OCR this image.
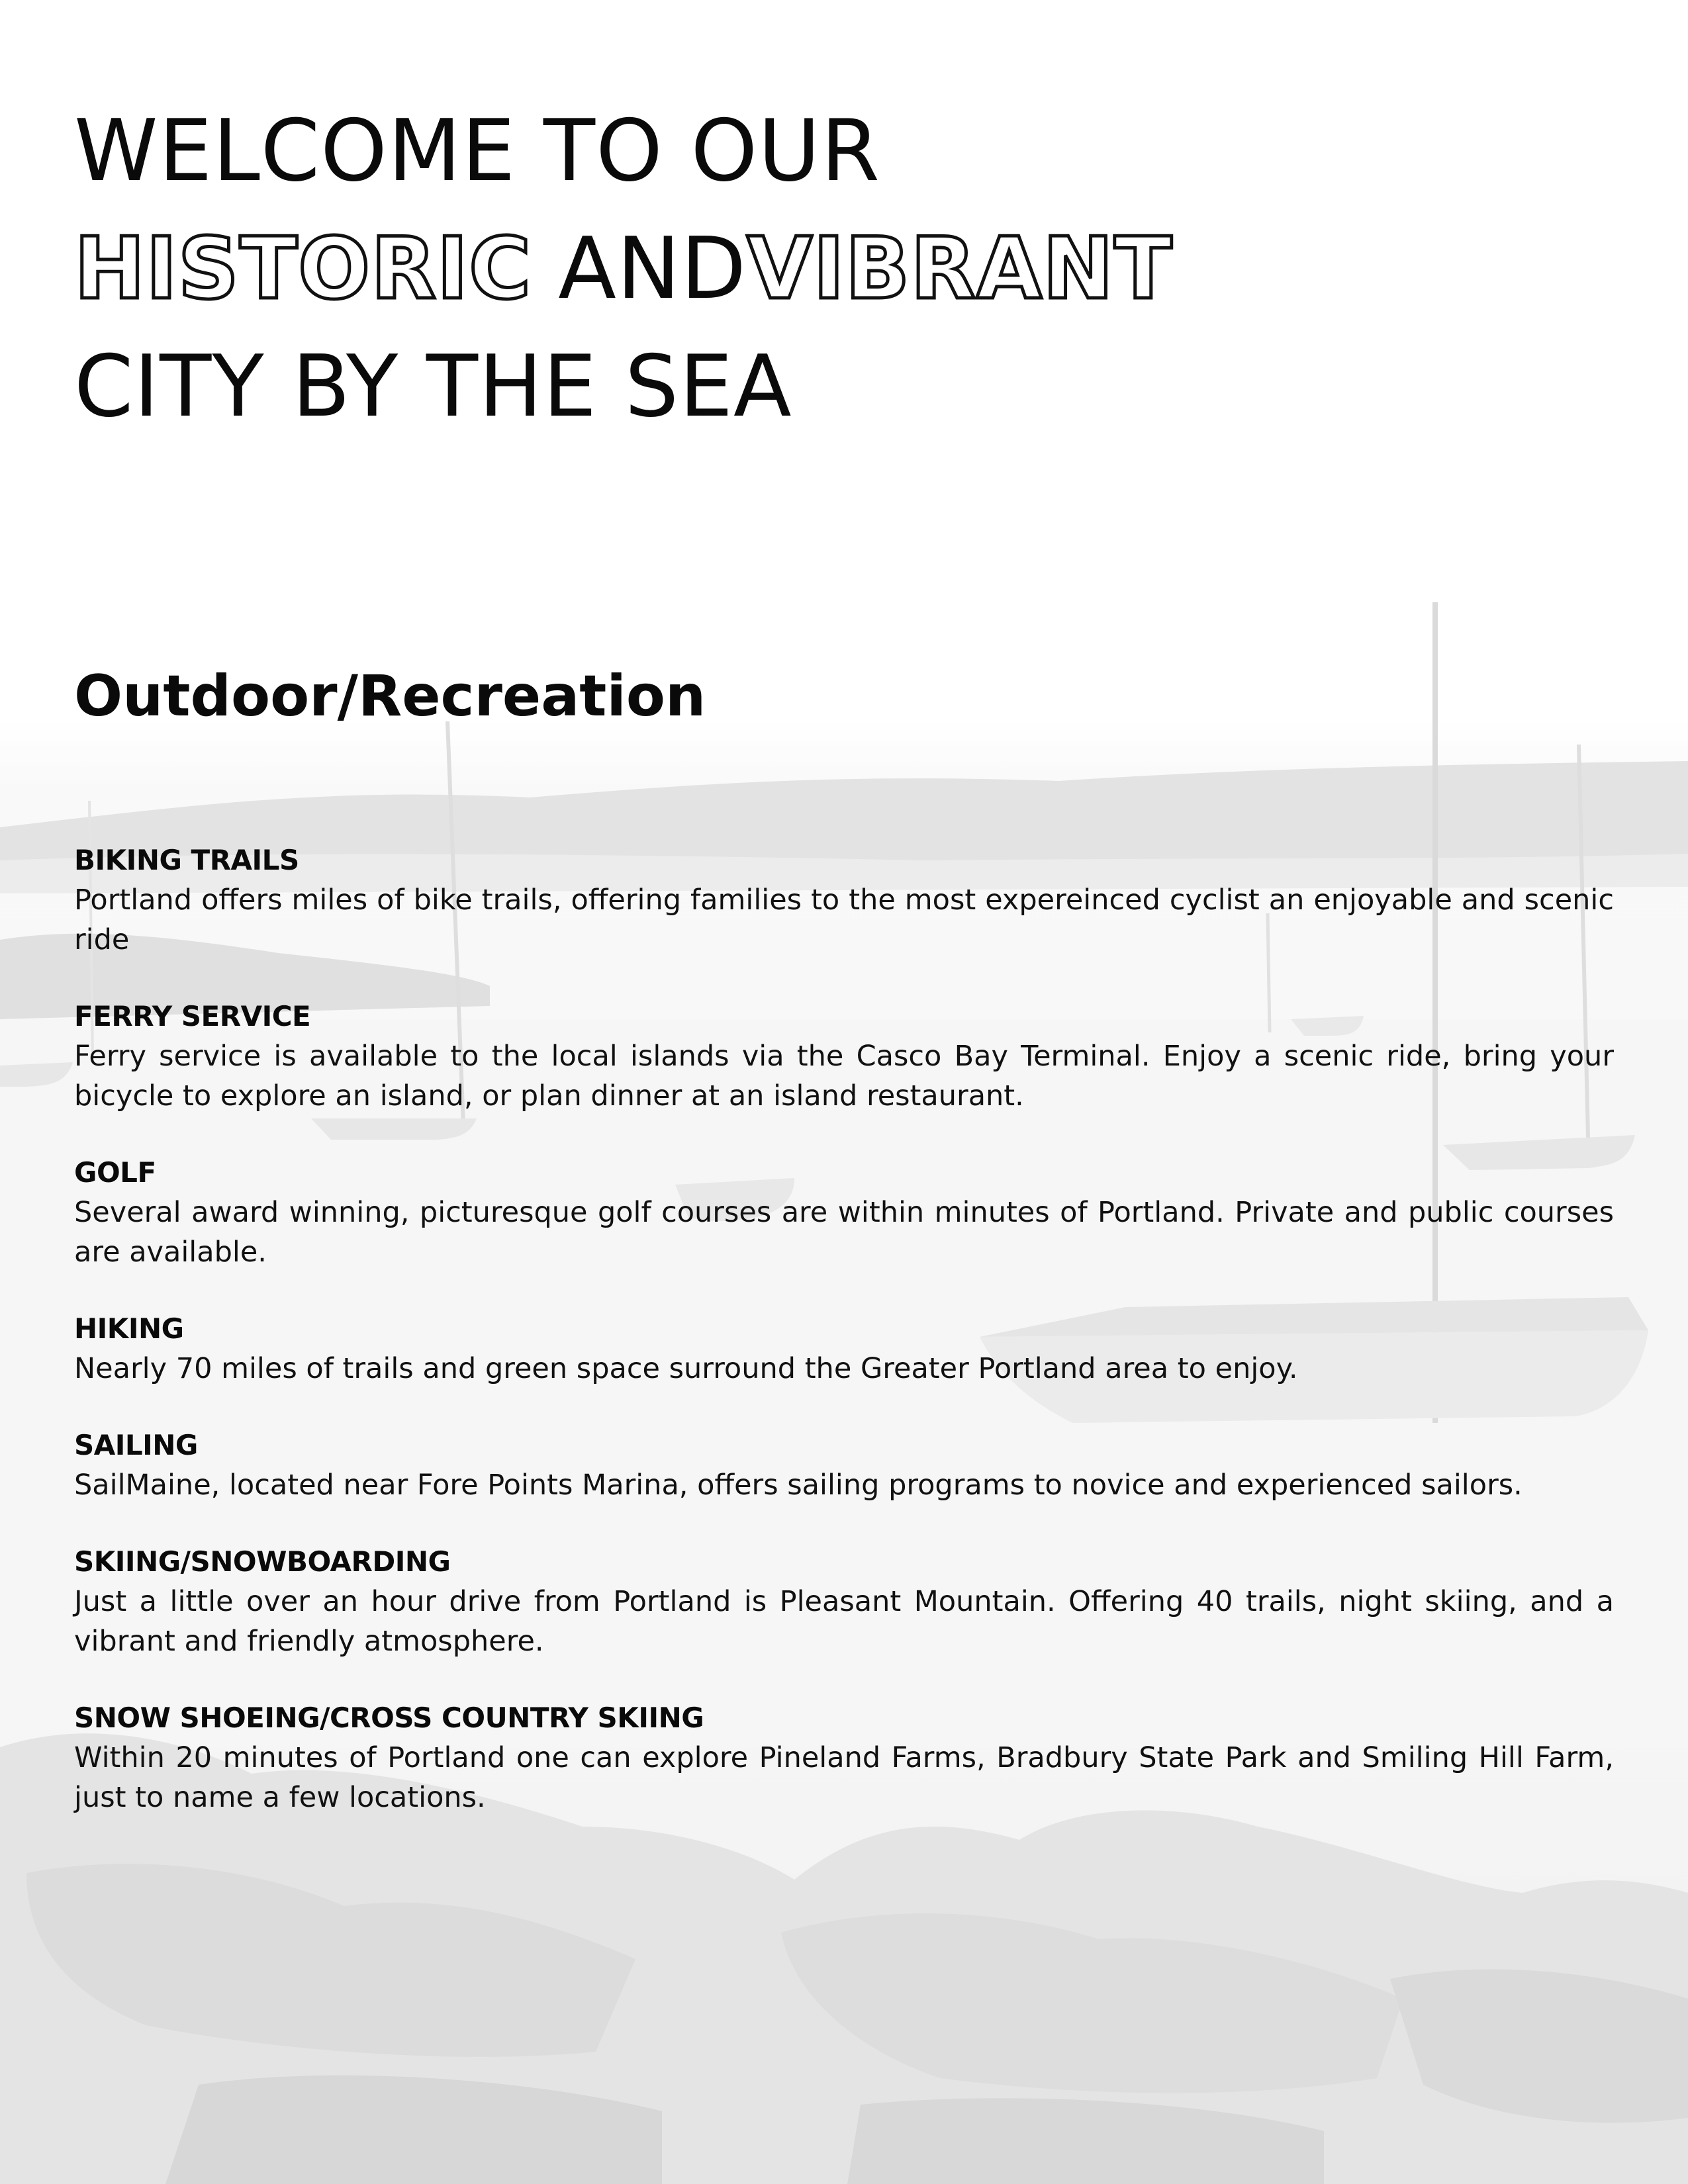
WELCOME TO OUR
HISTORIC ANDVIBRANT
CITY BY THE SEA
Outdoor/Recreation
BIKING TRAILS
Portland offers miles of bike trails, offering families to the most expereinced cyclist an enjoyable and scenic ride
FERRY SERVICE
Ferry service is available to the local islands via the Casco Bay Terminal. Enjoy a scenic ride, bring your bicycle to explore an island, or plan dinner at an island restaurant.
GOLF
Several award winning, picturesque golf courses are within minutes of Portland. Private and public courses are available.
HIKING
Nearly 70 miles of trails and green space surround the Greater Portland area to enjoy.
SAILING
SailMaine, located near Fore Points Marina, offers sailing programs to novice and experienced sailors.
SKIING/SNOWBOARDING
Just a little over an hour drive from Portland is Pleasant Mountain. Offering 40 trails, night skiing, and a vibrant and friendly atmosphere.
SNOW SHOEING/CROSS COUNTRY SKIING
Within 20 minutes of Portland one can explore Pineland Farms, Bradbury State Park and Smiling Hill Farm, just to name a few locations.
